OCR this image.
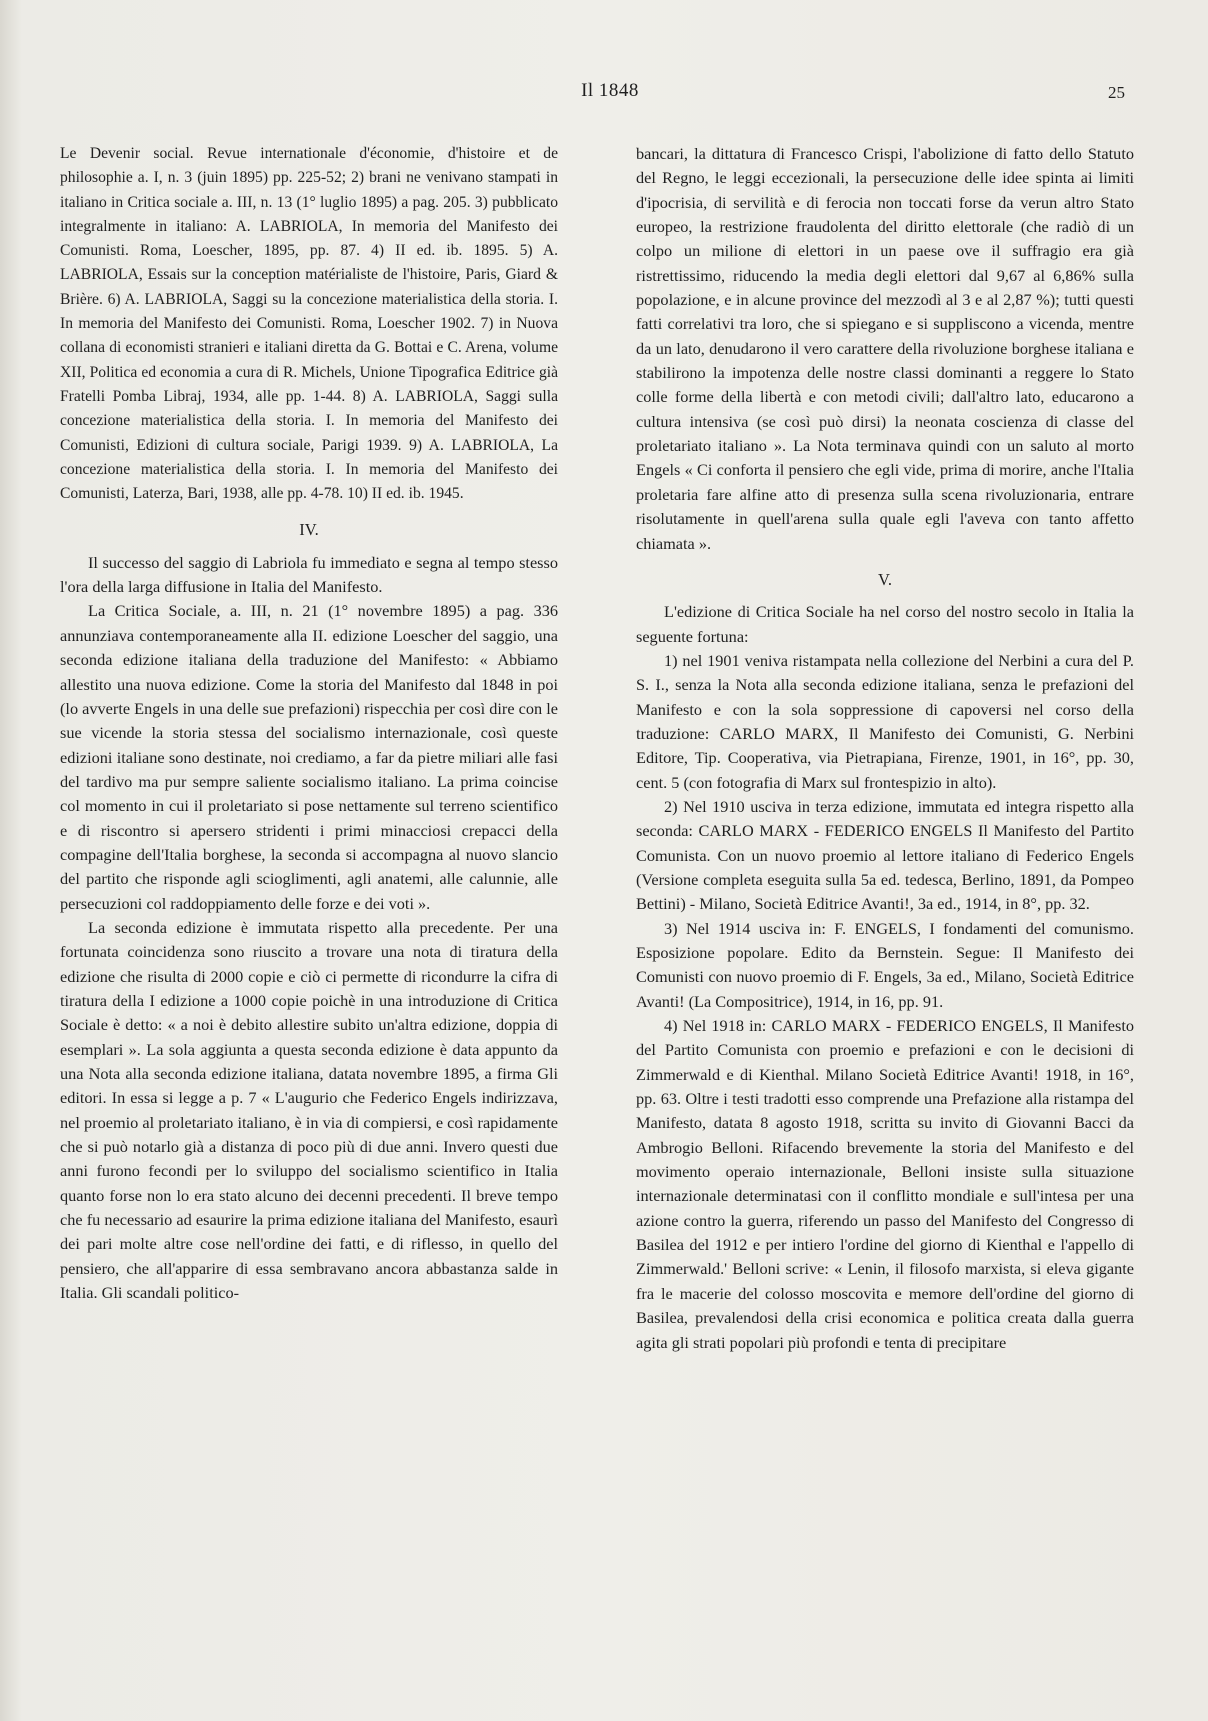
Il 1848	25

Le Devenir social. Revue internationale d'économie, d'histoire et de philosophie a. I, n. 3 (juin 1895) pp. 225-52; 2) brani ne venivano stampati in italiano in Critica sociale a. III, n. 13 (1° luglio 1895) a pag. 205. 3) pubblicato integralmente in italiano: A. LABRIOLA, In memoria del Manifesto dei Comunisti. Roma, Loescher, 1895, pp. 87. 4) II ed. ib. 1895. 5) A. LABRIOLA, Essais sur la conception matérialiste de l'histoire, Paris, Giard & Brière. 6) A. LABRIOLA, Saggi su la concezione materialistica della storia. I. In memoria del Manifesto dei Comunisti. Roma, Loescher 1902. 7) in Nuova collana di economisti stranieri e italiani diretta da G. Bottai e C. Arena, volume XII, Politica ed economia a cura di R. Michels, Unione Tipografica Editrice già Fratelli Pomba Libraj, 1934, alle pp. 1-44. 8) A. LABRIOLA, Saggi sulla concezione materialistica della storia. I. In memoria del Manifesto dei Comunisti, Edizioni di cultura sociale, Parigi 1939. 9) A. LABRIOLA, La concezione materialistica della storia. I. In memoria del Manifesto dei Comunisti, Laterza, Bari, 1938, alle pp. 4-78. 10) II ed. ib. 1945.

IV.

Il successo del saggio di Labriola fu immediato e segna al tempo stesso l'ora della larga diffusione in Italia del Manifesto.

La Critica Sociale, a. III, n. 21 (1° novembre 1895) a pag. 336 annunziava contemporaneamente alla II. edizione Loescher del saggio, una seconda edizione italiana della traduzione del Manifesto: « Abbiamo allestito una nuova edizione. Come la storia del Manifesto dal 1848 in poi (lo avverte Engels in una delle sue prefazioni) rispecchia per così dire con le sue vicende la storia stessa del socialismo internazionale, così queste edizioni italiane sono destinate, noi crediamo, a far da pietre miliari alle fasi del tardivo ma pur sempre saliente socialismo italiano. La prima coincise col momento in cui il proletariato si pose nettamente sul terreno scientifico e di riscontro si apersero stridenti i primi minacciosi crepacci della compagine dell'Italia borghese, la seconda si accompagna al nuovo slancio del partito che risponde agli scioglimenti, agli anatemi, alle calunnie, alle persecuzioni col raddoppiamento delle forze e dei voti ».

La seconda edizione è immutata rispetto alla precedente. Per una fortunata coincidenza sono riuscito a trovare una nota di tiratura della edizione che risulta di 2000 copie e ciò ci permette di ricondurre la cifra di tiratura della I edizione a 1000 copie poichè in una introduzione di Critica Sociale è detto: « a noi è debito allestire subito un'altra edizione, doppia di esemplari ». La sola aggiunta a questa seconda edizione è data appunto da una Nota alla seconda edizione italiana, datata novembre 1895, a firma Gli editori. In essa si legge a p. 7 « L'augurio che Federico Engels indirizzava, nel proemio al proletariato italiano, è in via di compiersi, e così rapidamente che si può notarlo già a distanza di poco più di due anni. Invero questi due anni furono fecondi per lo sviluppo del socialismo scientifico in Italia quanto forse non lo era stato alcuno dei decenni precedenti. Il breve tempo che fu necessario ad esaurire la prima edizione italiana del Manifesto, esaurì dei pari molte altre cose nell'ordine dei fatti, e di riflesso, in quello del pensiero, che all'apparire di essa sembravano ancora abbastanza salde in Italia. Gli scandali politico-

bancari, la dittatura di Francesco Crispi, l'abolizione di fatto dello Statuto del Regno, le leggi eccezionali, la persecuzione delle idee spinta ai limiti d'ipocrisia, di servilità e di ferocia non toccati forse da verun altro Stato europeo, la restrizione fraudolenta del diritto elettorale (che radiò di un colpo un milione di elettori in un paese ove il suffragio era già ristrettissimo, riducendo la media degli elettori dal 9,67 al 6,86% sulla popolazione, e in alcune province del mezzodì al 3 e al 2,87 %); tutti questi fatti correlativi tra loro, che si spiegano e si suppliscono a vicenda, mentre da un lato, denudarono il vero carattere della rivoluzione borghese italiana e stabilirono la impotenza delle nostre classi dominanti a reggere lo Stato colle forme della libertà e con metodi civili; dall'altro lato, educarono a cultura intensiva (se così può dirsi) la neonata coscienza di classe del proletariato italiano ». La Nota terminava quindi con un saluto al morto Engels « Ci conforta il pensiero che egli vide, prima di morire, anche l'Italia proletaria fare alfine atto di presenza sulla scena rivoluzionaria, entrare risolutamente in quell'arena sulla quale egli l'aveva con tanto affetto chiamata ».

V.

L'edizione di Critica Sociale ha nel corso del nostro secolo in Italia la seguente fortuna:

1) nel 1901 veniva ristampata nella collezione del Nerbini a cura del P. S. I., senza la Nota alla seconda edizione italiana, senza le prefazioni del Manifesto e con la sola soppressione di capoversi nel corso della traduzione: CARLO MARX, Il Manifesto dei Comunisti, G. Nerbini Editore, Tip. Cooperativa, via Pietrapiana, Firenze, 1901, in 16°, pp. 30, cent. 5 (con fotografia di Marx sul frontespizio in alto).

2) Nel 1910 usciva in terza edizione, immutata ed integra rispetto alla seconda: CARLO MARX - FEDERICO ENGELS Il Manifesto del Partito Comunista. Con un nuovo proemio al lettore italiano di Federico Engels (Versione completa eseguita sulla 5a ed. tedesca, Berlino, 1891, da Pompeo Bettini) - Milano, Società Editrice Avanti!, 3a ed., 1914, in 8°, pp. 32.

3) Nel 1914 usciva in: F. ENGELS, I fondamenti del comunismo. Esposizione popolare. Edito da Bernstein. Segue: Il Manifesto dei Comunisti con nuovo proemio di F. Engels, 3a ed., Milano, Società Editrice Avanti! (La Compositrice), 1914, in 16, pp. 91.

4) Nel 1918 in: CARLO MARX - FEDERICO ENGELS, Il Manifesto del Partito Comunista con proemio e prefazioni e con le decisioni di Zimmerwald e di Kienthal. Milano Società Editrice Avanti! 1918, in 16°, pp. 63. Oltre i testi tradotti esso comprende una Prefazione alla ristampa del Manifesto, datata 8 agosto 1918, scritta su invito di Giovanni Bacci da Ambrogio Belloni. Rifacendo brevemente la storia del Manifesto e del movimento operaio internazionale, Belloni insiste sulla situazione internazionale determinatasi con il conflitto mondiale e sull'intesa per una azione contro la guerra, riferendo un passo del Manifesto del Congresso di Basilea del 1912 e per intiero l'ordine del giorno di Kienthal e l'appello di Zimmerwald.' Belloni scrive: « Lenin, il filosofo marxista, si eleva gigante fra le macerie del colosso moscovita e memore dell'ordine del giorno di Basilea, prevalendosi della crisi economica e politica creata dalla guerra agita gli strati popolari più profondi e tenta di precipitare
